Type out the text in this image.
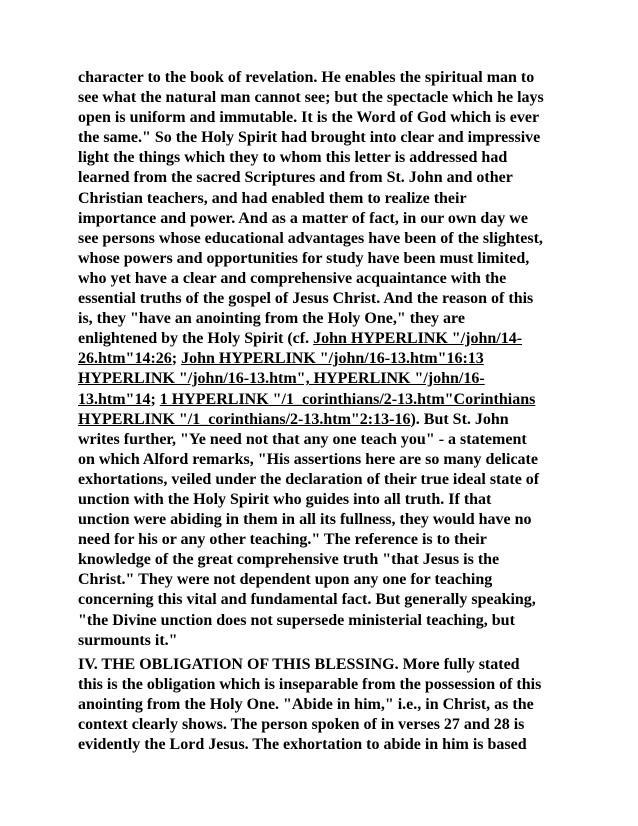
character to the book of revelation. He enables the spiritual man to
see what the natural man cannot see; but the spectacle which he lays
open is uniform and immutable. It is the Word of God which is ever
the same." So the Holy Spirit had brought into clear and impressive
light the things which they to whom this letter is addressed had
learned from the sacred Scriptures and from St. John and other
Christian teachers, and had enabled them to realize their
importance and power. And as a matter of fact, in our own day we
see persons whose educational advantages have been of the slightest,
whose powers and opportunities for study have been must limited,
who yet have a clear and comprehensive acquaintance with the
essential truths of the gospel of Jesus Christ. And the reason of this
is, they "have an anointing from the Holy One," they are
enlightened by the Holy Spirit (cf. John HYPERLINK "/john/14-
26.htm"14:26; John HYPERLINK "/john/16-13.htm"16:13
HYPERLINK "/john/16-13.htm", HYPERLINK "/john/16-
13.htm"14; 1 HYPERLINK "/1_corinthians/2-13.htm"Corinthians
HYPERLINK "/1_corinthians/2-13.htm"2:13-16). But St. John
writes further, "Ye need not that any one teach you" - a statement
on which Alford remarks, "His assertions here are so many delicate
exhortations, veiled under the declaration of their true ideal state of
unction with the Holy Spirit who guides into all truth. If that
unction were abiding in them in all its fullness, they would have no
need for his or any other teaching." The reference is to their
knowledge of the great comprehensive truth "that Jesus is the
Christ." They were not dependent upon any one for teaching
concerning this vital and fundamental fact. But generally speaking,
"the Divine unction does not supersede ministerial teaching, but
surmounts it."
IV. THE OBLIGATION OF THIS BLESSING. More fully stated
this is the obligation which is inseparable from the possession of this
anointing from the Holy One. "Abide in him," i.e., in Christ, as the
context clearly shows. The person spoken of in verses 27 and 28 is
evidently the Lord Jesus. The exhortation to abide in him is based
